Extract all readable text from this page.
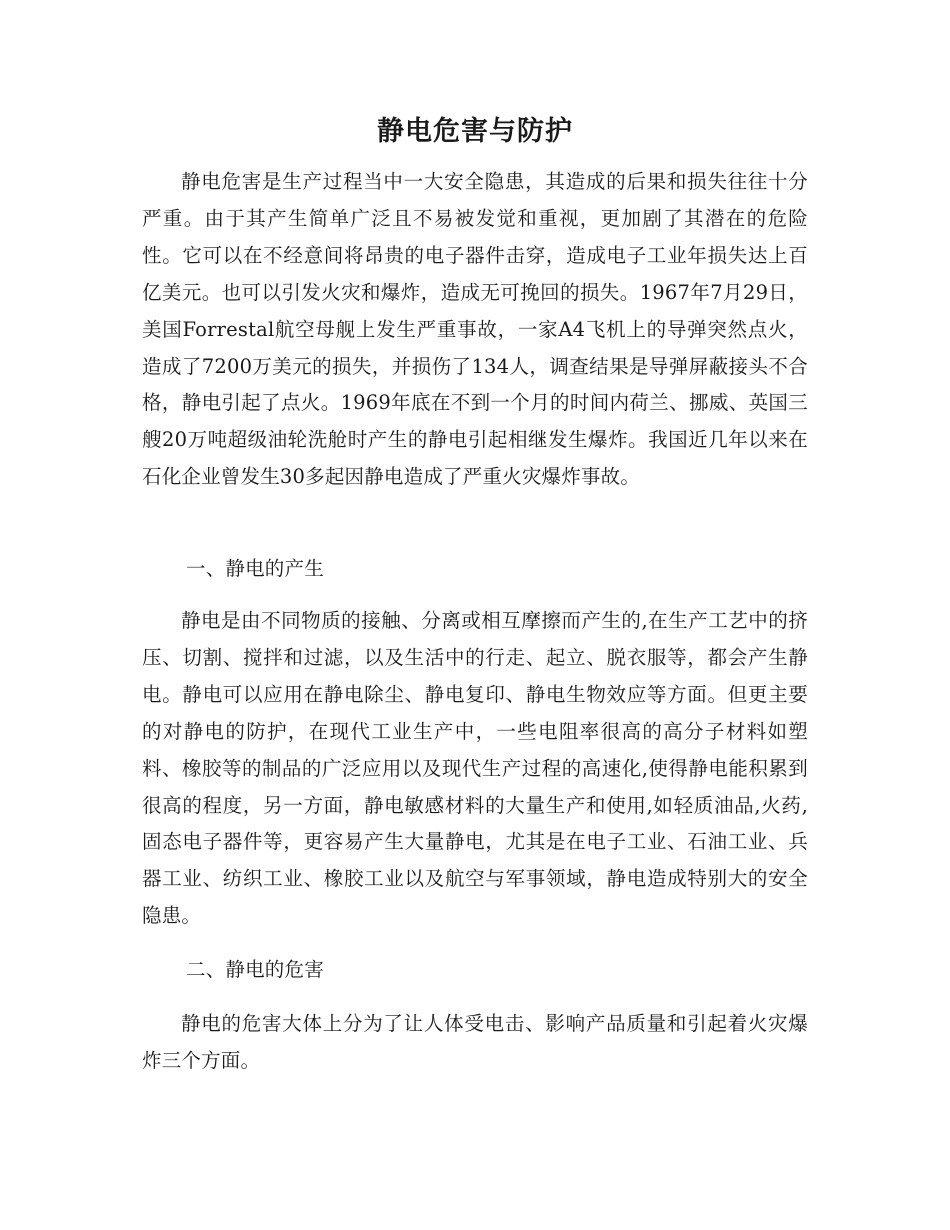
静电危害与防护

静电危害是生产过程当中一大安全隐患，其造成的后果和损失往往十分严重。由于其产生简单广泛且不易被发觉和重视，更加剧了其潜在的危险性。它可以在不经意间将昂贵的电子器件击穿，造成电子工业年损失达上百亿美元。也可以引发火灾和爆炸，造成无可挽回的损失。1967年7月29日，美国Forrestal航空母舰上发生严重事故，一家A4飞机上的导弹突然点火，造成了7200万美元的损失，并损伤了134人，调查结果是导弹屏蔽接头不合格，静电引起了点火。1969年底在不到一个月的时间内荷兰、挪威、英国三艘20万吨超级油轮洗舱时产生的静电引起相继发生爆炸。我国近几年以来在石化企业曾发生30多起因静电造成了严重火灾爆炸事故。

一、静电的产生

静电是由不同物质的接触、分离或相互摩擦而产生的,在生产工艺中的挤压、切割、搅拌和过滤，以及生活中的行走、起立、脱衣服等，都会产生静电。静电可以应用在静电除尘、静电复印、静电生物效应等方面。但更主要的对静电的防护，在现代工业生产中，一些电阻率很高的高分子材料如塑料、橡胶等的制品的广泛应用以及现代生产过程的高速化,使得静电能积累到很高的程度，另一方面，静电敏感材料的大量生产和使用,如轻质油品,火药,固态电子器件等，更容易产生大量静电，尤其是在电子工业、石油工业、兵器工业、纺织工业、橡胶工业以及航空与军事领域，静电造成特别大的安全隐患。

二、静电的危害

静电的危害大体上分为了让人体受电击、影响产品质量和引起着火灾爆炸三个方面。
